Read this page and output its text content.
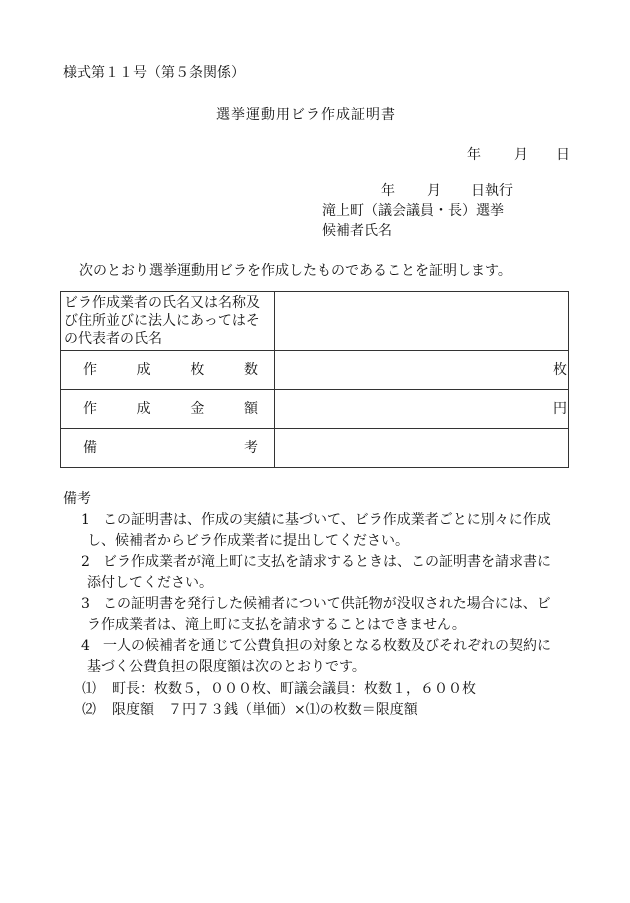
様式第１１号（第５条関係）
選挙運動用ビラ作成証明書
年 月 日
年 月 日執行
滝上町（議会議員・長）選挙
候補者氏名
次のとおり選挙運動用ビラを作成したものであることを証明します。
ビラ作成業者の氏名又は名称及び住所並びに法人にあってはその代表者の氏名	

作 成 枚 数	枚

作 成 金 額	円

備 考	

備考
1 この証明書は、作成の実績に基づいて、ビラ作成業者ごとに別々に作成
し、候補者からビラ作成業者に提出してください。
2 ビラ作成業者が滝上町に支払を請求するときは、この証明書を請求書に
添付してください。
3 この証明書を発行した候補者について供託物が没収された場合には、ビ
ラ作成業者は、滝上町に支払を請求することはできません。
4 一人の候補者を通じて公費負担の対象となる枚数及びそれぞれの契約に
基づく公費負担の限度額は次のとおりです。
⑴ 町長：枚数５，０００枚、町議会議員：枚数１，６００枚
⑵ 限度額　７円７３銭（単価）×⑴の枚数＝限度額
